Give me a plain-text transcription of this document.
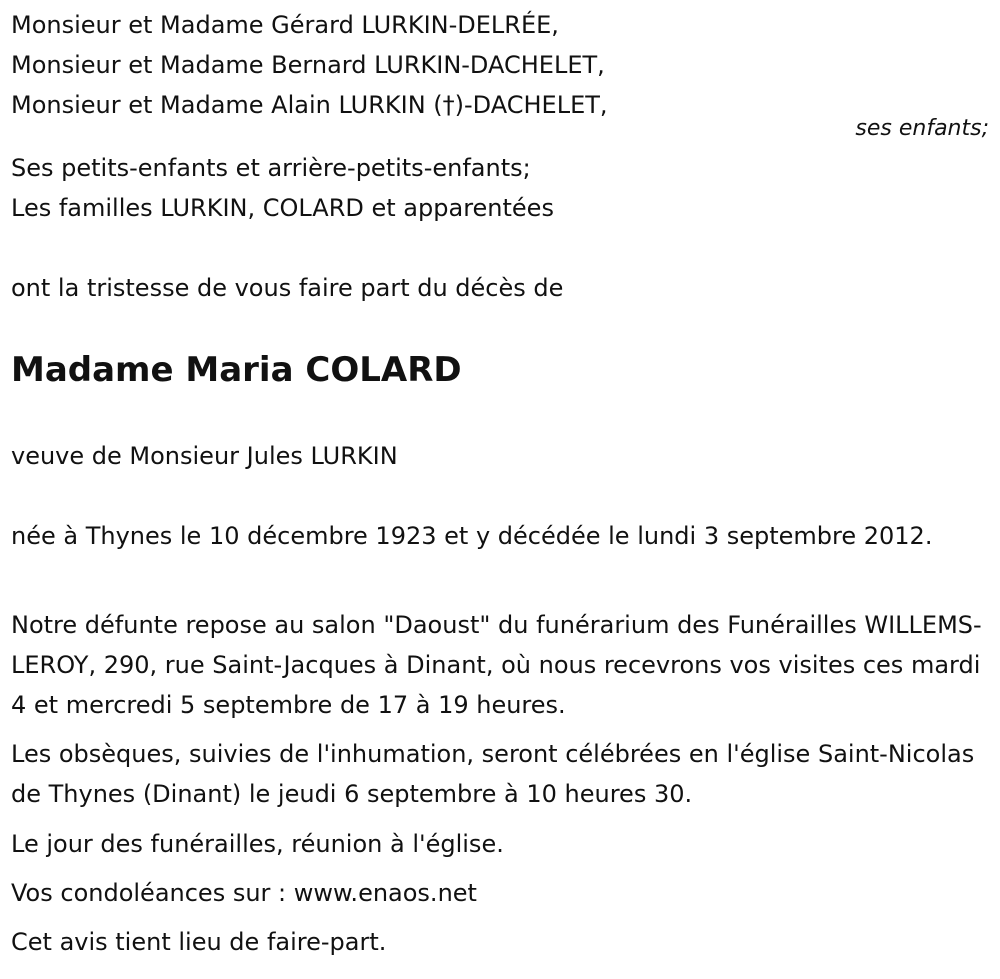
Monsieur et Madame Gérard LURKIN-DELRÉE,

Monsieur et Madame Bernard LURKIN-DACHELET,

Monsieur et Madame Alain LURKIN (†)-DACHELET,

ses enfants;

Ses petits-enfants et arrière-petits-enfants;

Les familles LURKIN, COLARD et apparentées

ont la tristesse de vous faire part du décès de

Madame Maria COLARD

veuve de Monsieur Jules LURKIN

née à Thynes le 10 décembre 1923 et y décédée le lundi 3 septembre 2012.

Notre défunte repose au salon "Daoust" du funérarium des Funérailles WILLEMS-LEROY, 290, rue Saint-Jacques à Dinant, où nous recevrons vos visites ces mardi 4 et mercredi 5 septembre de 17 à 19 heures.

Les obsèques, suivies de l'inhumation, seront célébrées en l'église Saint-Nicolas de Thynes (Dinant) le jeudi 6 septembre à 10 heures 30.

Le jour des funérailles, réunion à l'église.

Vos condoléances sur : www.enaos.net

Cet avis tient lieu de faire-part.
